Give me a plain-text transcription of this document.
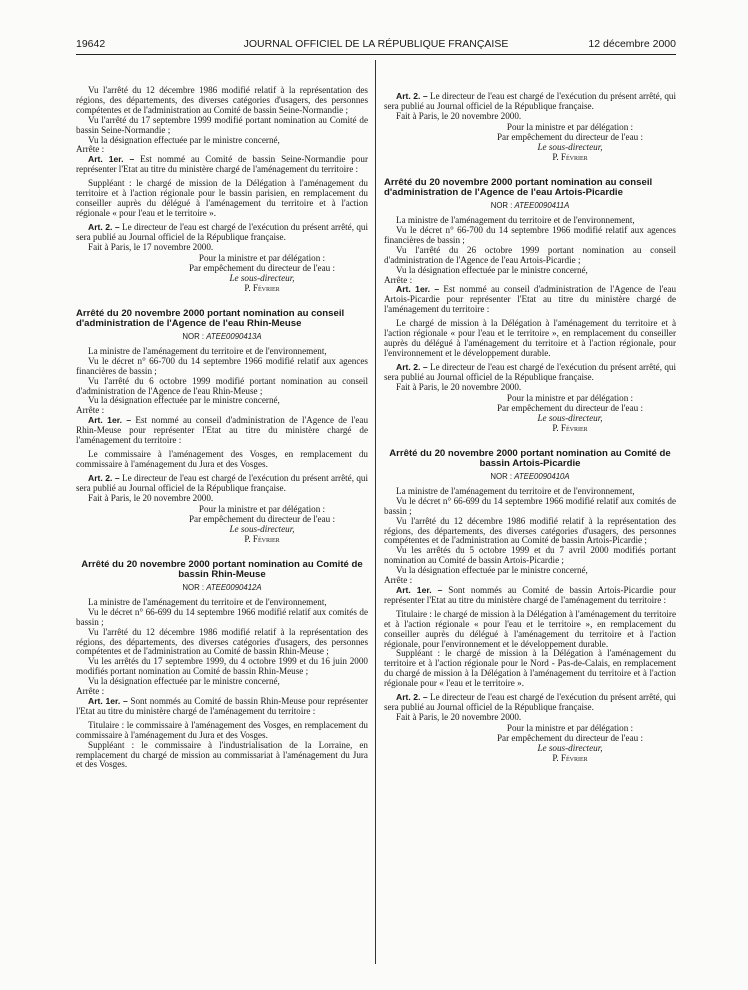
19642	JOURNAL OFFICIEL DE LA RÉPUBLIQUE FRANÇAISE	12 décembre 2000

Vu l'arrêté du 12 décembre 1986 modifié relatif à la représentation des régions, des départements, des diverses catégories d'usagers, des personnes compétentes et de l'administration au Comité de bassin Seine-Normandie ;

Vu l'arrêté du 17 septembre 1999 modifié portant nomination au Comité de bassin Seine-Normandie ;

Vu la désignation effectuée par le ministre concerné,

Arrête :

Art. 1er. – Est nommé au Comité de bassin Seine-Normandie pour représenter l'Etat au titre du ministère chargé de l'aménagement du territoire :

Suppléant : le chargé de mission de la Délégation à l'aménagement du territoire et à l'action régionale pour le bassin parisien, en remplacement du conseiller auprès du délégué à l'aménagement du territoire et à l'action régionale « pour l'eau et le territoire ».

Art. 2. – Le directeur de l'eau est chargé de l'exécution du présent arrêté, qui sera publié au Journal officiel de la République française.

Fait à Paris, le 17 novembre 2000.

Pour la ministre et par délégation :
Par empêchement du directeur de l'eau :
Le sous-directeur,
P. Février
Arrêté du 20 novembre 2000 portant nomination au conseil d'administration de l'Agence de l'eau Rhin-Meuse
NOR : ATEE0090413A

La ministre de l'aménagement du territoire et de l'environnement,

Vu le décret n° 66-700 du 14 septembre 1966 modifié relatif aux agences financières de bassin ;

Vu l'arrêté du 6 octobre 1999 modifié portant nomination au conseil d'administration de l'Agence de l'eau Rhin-Meuse ;

Vu la désignation effectuée par le ministre concerné,

Arrête :

Art. 1er. – Est nommé au conseil d'administration de l'Agence de l'eau Rhin-Meuse pour représenter l'Etat au titre du ministère chargé de l'aménagement du territoire :

Le commissaire à l'aménagement des Vosges, en remplacement du commissaire à l'aménagement du Jura et des Vosges.

Art. 2. – Le directeur de l'eau est chargé de l'exécution du présent arrêté, qui sera publié au Journal officiel de la République française.

Fait à Paris, le 20 novembre 2000.

Pour la ministre et par délégation :
Par empêchement du directeur de l'eau :
Le sous-directeur,
P. Février
Arrêté du 20 novembre 2000 portant nomination au Comité de bassin Rhin-Meuse
NOR : ATEE0090412A

La ministre de l'aménagement du territoire et de l'environnement,

Vu le décret n° 66-699 du 14 septembre 1966 modifié relatif aux comités de bassin ;

Vu l'arrêté du 12 décembre 1986 modifié relatif à la représentation des régions, des départements, des diverses catégories d'usagers, des personnes compétentes et de l'administration au Comité de bassin Rhin-Meuse ;

Vu les arrêtés du 17 septembre 1999, du 4 octobre 1999 et du 16 juin 2000 modifiés portant nomination au Comité de bassin Rhin-Meuse ;

Vu la désignation effectuée par le ministre concerné,

Arrête :

Art. 1er. – Sont nommés au Comité de bassin Rhin-Meuse pour représenter l'Etat au titre du ministère chargé de l'aménagement du territoire :

Titulaire : le commissaire à l'aménagement des Vosges, en remplacement du commissaire à l'aménagement du Jura et des Vosges.

Suppléant : le commissaire à l'industrialisation de la Lorraine, en remplacement du chargé de mission au commissariat à l'aménagement du Jura et des Vosges.

Art. 2. – Le directeur de l'eau est chargé de l'exécution du présent arrêté, qui sera publié au Journal officiel de la République française.

Fait à Paris, le 20 novembre 2000.

Pour la ministre et par délégation :
Par empêchement du directeur de l'eau :
Le sous-directeur,
P. Février
Arrêté du 20 novembre 2000 portant nomination au conseil d'administration de l'Agence de l'eau Artois-Picardie
NOR : ATEE0090411A

La ministre de l'aménagement du territoire et de l'environnement,

Vu le décret n° 66-700 du 14 septembre 1966 modifié relatif aux agences financières de bassin ;

Vu l'arrêté du 26 octobre 1999 portant nomination au conseil d'administration de l'Agence de l'eau Artois-Picardie ;

Vu la désignation effectuée par le ministre concerné,

Arrête :

Art. 1er. – Est nommé au conseil d'administration de l'Agence de l'eau Artois-Picardie pour représenter l'Etat au titre du ministère chargé de l'aménagement du territoire :

Le chargé de mission à la Délégation à l'aménagement du territoire et à l'action régionale « pour l'eau et le territoire », en remplacement du conseiller auprès du délégué à l'aménagement du territoire et à l'action régionale, pour l'environnement et le développement durable.

Art. 2. – Le directeur de l'eau est chargé de l'exécution du présent arrêté, qui sera publié au Journal officiel de la République française.

Fait à Paris, le 20 novembre 2000.

Pour la ministre et par délégation :
Par empêchement du directeur de l'eau :
Le sous-directeur,
P. Février
Arrêté du 20 novembre 2000 portant nomination au Comité de bassin Artois-Picardie
NOR : ATEE0090410A

La ministre de l'aménagement du territoire et de l'environnement,

Vu le décret n° 66-699 du 14 septembre 1966 modifié relatif aux comités de bassin ;

Vu l'arrêté du 12 décembre 1986 modifié relatif à la représentation des régions, des départements, des diverses catégories d'usagers, des personnes compétentes et de l'administration au Comité de bassin Artois-Picardie ;

Vu les arrêtés du 5 octobre 1999 et du 7 avril 2000 modifiés portant nomination au Comité de bassin Artois-Picardie ;

Vu la désignation effectuée par le ministre concerné,

Arrête :

Art. 1er. – Sont nommés au Comité de bassin Artois-Picardie pour représenter l'Etat au titre du ministère chargé de l'aménagement du territoire :

Titulaire : le chargé de mission à la Délégation à l'aménagement du territoire et à l'action régionale « pour l'eau et le territoire », en remplacement du conseiller auprès du délégué à l'aménagement du territoire et à l'action régionale, pour l'environnement et le développement durable.

Suppléant : le chargé de mission à la Délégation à l'aménagement du territoire et à l'action régionale pour le Nord - Pas-de-Calais, en remplacement du chargé de mission à la Délégation à l'aménagement du territoire et à l'action régionale pour « l'eau et le territoire ».

Art. 2. – Le directeur de l'eau est chargé de l'exécution du présent arrêté, qui sera publié au Journal officiel de la République française.

Fait à Paris, le 20 novembre 2000.

Pour la ministre et par délégation :
Par empêchement du directeur de l'eau :
Le sous-directeur,
P. Février
